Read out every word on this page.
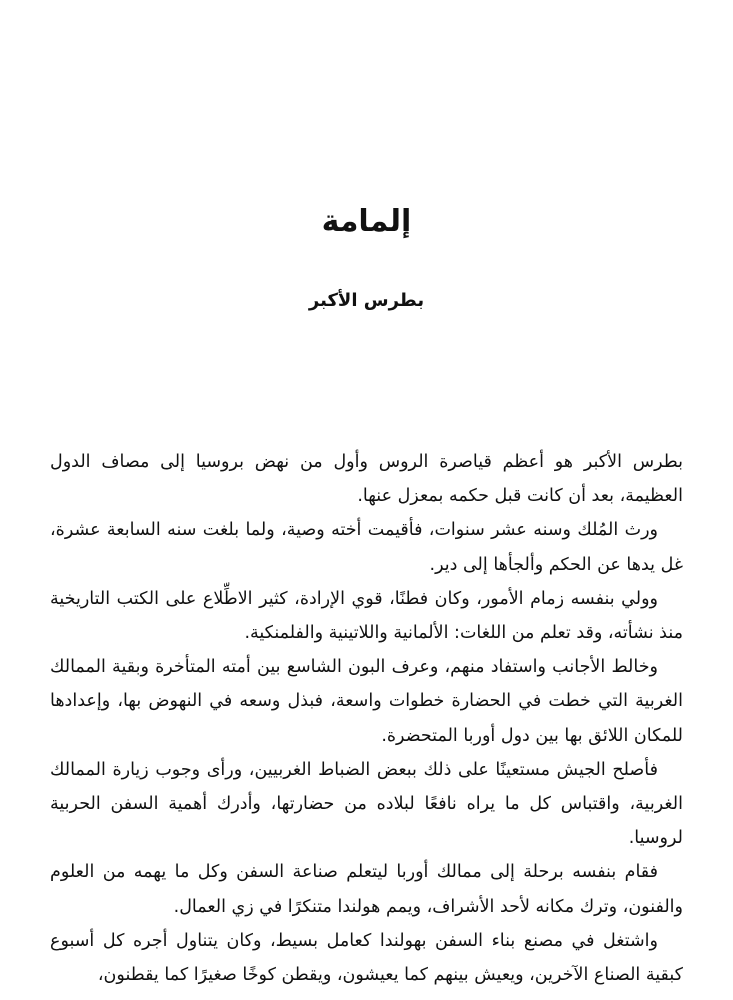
إلمامة
بطرس الأكبر

بطرس الأكبر هو أعظم قياصرة الروس وأول من نهض بروسيا إلى مصاف الدول العظيمة، بعد أن كانت قبل حكمه بمعزل عنها.

ورث المُلك وسنه عشر سنوات، فأقيمت أخته وصية، ولما بلغت سنه السابعة عشرة، غل يدها عن الحكم وألجأها إلى دير.

وولي بنفسه زمام الأمور، وكان فطنًا، قوي الإرادة، كثير الاطِّلاع على الكتب التاريخية منذ نشأته، وقد تعلم من اللغات: الألمانية واللاتينية والفلمنكية.

وخالط الأجانب واستفاد منهم، وعرف البون الشاسع بين أمته المتأخرة وبقية الممالك الغربية التي خطت في الحضارة خطوات واسعة، فبذل وسعه في النهوض بها، وإعدادها للمكان اللائق بها بين دول أوربا المتحضرة.

فأصلح الجيش مستعينًا على ذلك ببعض الضباط الغربيين، ورأى وجوب زيارة الممالك الغربية، واقتباس كل ما يراه نافعًا لبلاده من حضارتها، وأدرك أهمية السفن الحربية لروسيا.

فقام بنفسه برحلة إلى ممالك أوربا ليتعلم صناعة السفن وكل ما يهمه من العلوم والفنون، وترك مكانه لأحد الأشراف، ويمم هولندا متنكرًا في زي العمال.

واشتغل في مصنع بناء السفن بهولندا كعامل بسيط، وكان يتناول أجره كل أسبوع كبقية الصناع الآخرين، ويعيش بينهم كما يعيشون، ويقطن كوخًا صغيرًا كما يقطنون،
